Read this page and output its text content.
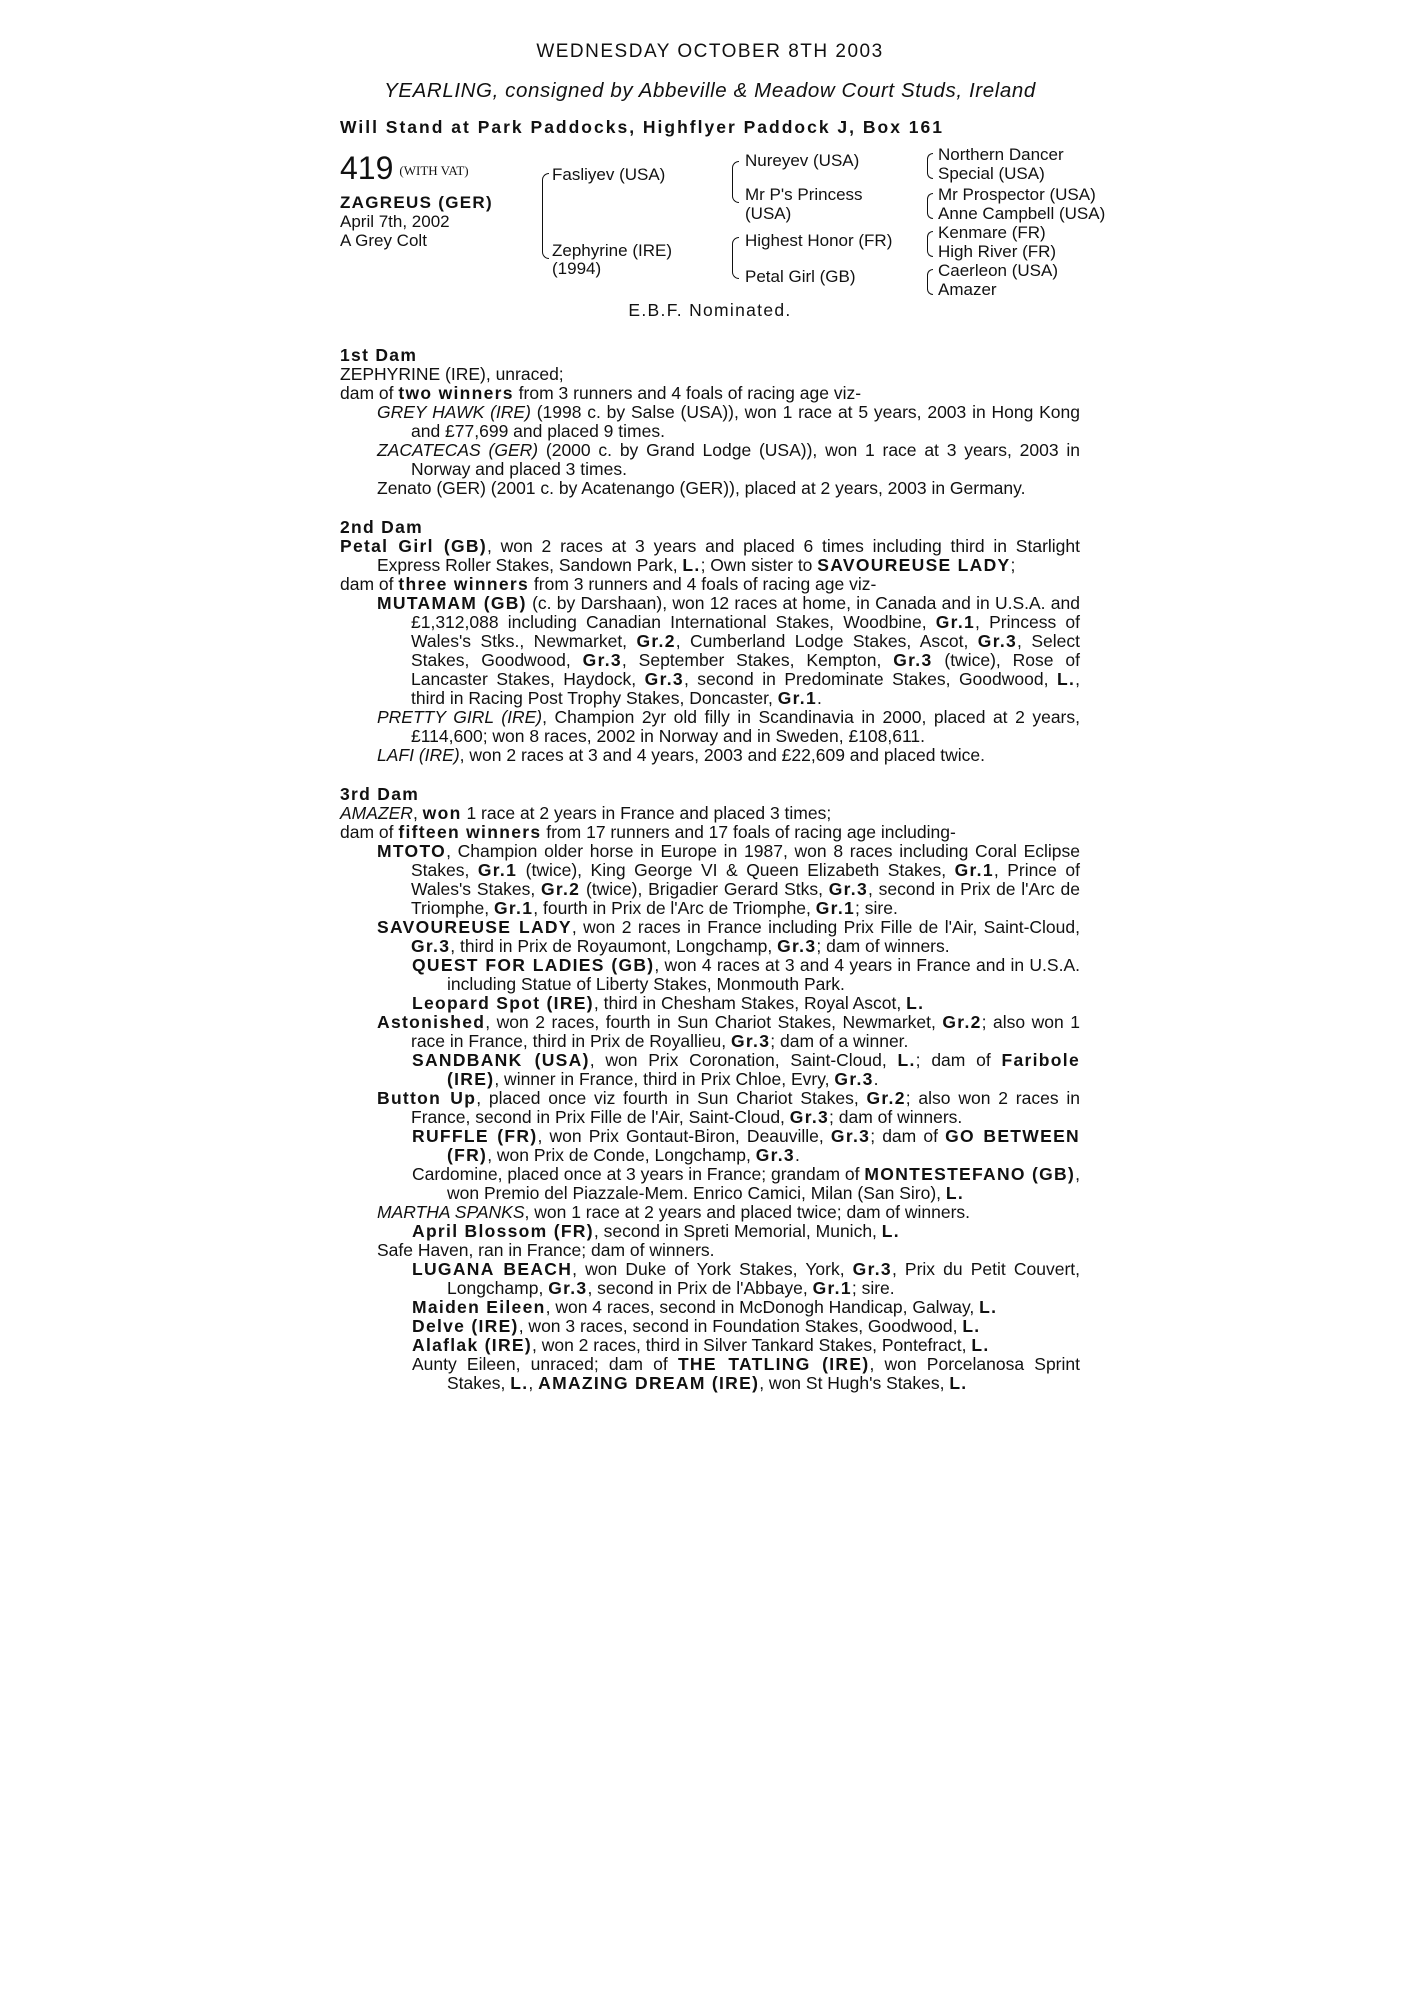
WEDNESDAY OCTOBER 8TH 2003
YEARLING, consigned by Abbeville & Meadow Court Studs, Ireland
Will Stand at Park Paddocks, Highflyer Paddock J, Box 161
419 (WITH VAT)
ZAGREUS (GER)
April 7th, 2002
A Grey Colt
Fasliyev (USA)
Zephyrine (IRE)
(1994)
Nureyev (USA)
Mr P's Princess
(USA)
Highest Honor (FR)
Petal Girl (GB)
Northern Dancer
Special (USA)
Mr Prospector (USA)
Anne Campbell (USA)
Kenmare (FR)
High River (FR)
Caerleon (USA)
Amazer
E.B.F. Nominated.
1st Dam
ZEPHYRINE (IRE), unraced;
dam of two winners from 3 runners and 4 foals of racing age viz-
GREY HAWK (IRE) (1998 c. by Salse (USA)), won 1 race at 5 years, 2003 in Hong Kong and £77,699 and placed 9 times.
ZACATECAS (GER) (2000 c. by Grand Lodge (USA)), won 1 race at 3 years, 2003 in Norway and placed 3 times.
Zenato (GER) (2001 c. by Acatenango (GER)), placed at 2 years, 2003 in Germany.
2nd Dam
Petal Girl (GB), won 2 races at 3 years and placed 6 times including third in Starlight Express Roller Stakes, Sandown Park, L.; Own sister to SAVOUREUSE LADY;
dam of three winners from 3 runners and 4 foals of racing age viz-
MUTAMAM (GB) (c. by Darshaan), won 12 races at home, in Canada and in U.S.A. and £1,312,088 including Canadian International Stakes, Woodbine, Gr.1, Princess of Wales's Stks., Newmarket, Gr.2, Cumberland Lodge Stakes, Ascot, Gr.3, Select Stakes, Goodwood, Gr.3, September Stakes, Kempton, Gr.3 (twice), Rose of Lancaster Stakes, Haydock, Gr.3, second in Predominate Stakes, Goodwood, L., third in Racing Post Trophy Stakes, Doncaster, Gr.1.
PRETTY GIRL (IRE), Champion 2yr old filly in Scandinavia in 2000, placed at 2 years, £114,600; won 8 races, 2002 in Norway and in Sweden, £108,611.
LAFI (IRE), won 2 races at 3 and 4 years, 2003 and £22,609 and placed twice.
3rd Dam
AMAZER, won 1 race at 2 years in France and placed 3 times;
dam of fifteen winners from 17 runners and 17 foals of racing age including-
MTOTO, Champion older horse in Europe in 1987, won 8 races including Coral Eclipse Stakes, Gr.1 (twice), King George VI & Queen Elizabeth Stakes, Gr.1, Prince of Wales's Stakes, Gr.2 (twice), Brigadier Gerard Stks, Gr.3, second in Prix de l'Arc de Triomphe, Gr.1, fourth in Prix de l'Arc de Triomphe, Gr.1; sire.
SAVOUREUSE LADY, won 2 races in France including Prix Fille de l'Air, Saint-Cloud, Gr.3, third in Prix de Royaumont, Longchamp, Gr.3; dam of winners.
QUEST FOR LADIES (GB), won 4 races at 3 and 4 years in France and in U.S.A. including Statue of Liberty Stakes, Monmouth Park.
Leopard Spot (IRE), third in Chesham Stakes, Royal Ascot, L.
Astonished, won 2 races, fourth in Sun Chariot Stakes, Newmarket, Gr.2; also won 1 race in France, third in Prix de Royallieu, Gr.3; dam of a winner.
SANDBANK (USA), won Prix Coronation, Saint-Cloud, L.; dam of Faribole (IRE), winner in France, third in Prix Chloe, Evry, Gr.3.
Button Up, placed once viz fourth in Sun Chariot Stakes, Gr.2; also won 2 races in France, second in Prix Fille de l'Air, Saint-Cloud, Gr.3; dam of winners.
RUFFLE (FR), won Prix Gontaut-Biron, Deauville, Gr.3; dam of GO BETWEEN (FR), won Prix de Conde, Longchamp, Gr.3.
Cardomine, placed once at 3 years in France; grandam of MONTESTEFANO (GB), won Premio del Piazzale-Mem. Enrico Camici, Milan (San Siro), L.
MARTHA SPANKS, won 1 race at 2 years and placed twice; dam of winners.
April Blossom (FR), second in Spreti Memorial, Munich, L.
Safe Haven, ran in France; dam of winners.
LUGANA BEACH, won Duke of York Stakes, York, Gr.3, Prix du Petit Couvert, Longchamp, Gr.3, second in Prix de l'Abbaye, Gr.1; sire.
Maiden Eileen, won 4 races, second in McDonogh Handicap, Galway, L.
Delve (IRE), won 3 races, second in Foundation Stakes, Goodwood, L.
Alaflak (IRE), won 2 races, third in Silver Tankard Stakes, Pontefract, L.
Aunty Eileen, unraced; dam of THE TATLING (IRE), won Porcelanosa Sprint Stakes, L., AMAZING DREAM (IRE), won St Hugh's Stakes, L.
